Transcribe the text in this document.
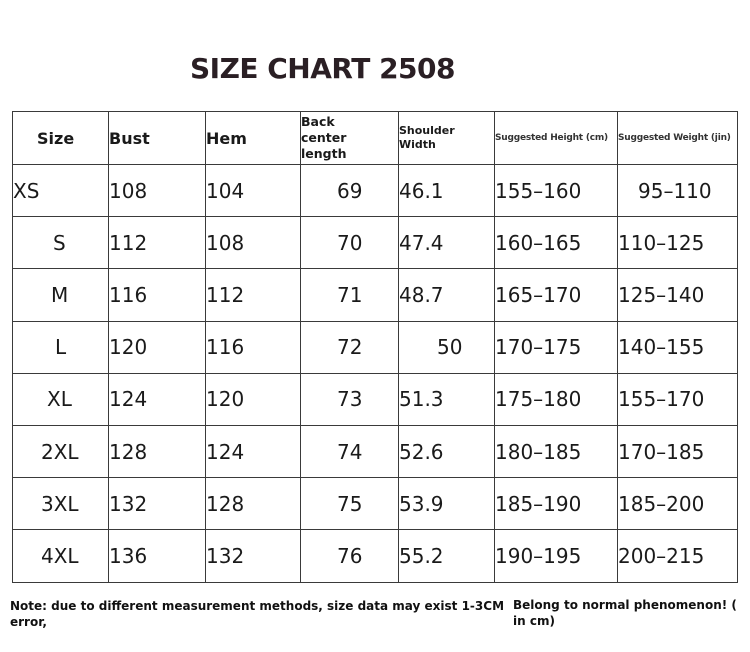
SIZE CHART 2508
Size	Bust	Hem	Back center length	Shoulder Width	Suggested Height (cm)	Suggested Weight (jin)
XS	108	104	69	46.1	155–160	95–110
S	112	108	70	47.4	160–165	110–125
M	116	112	71	48.7	165–170	125–140
L	120	116	72	50	170–175	140–155
XL	124	120	73	51.3	175–180	155–170
2XL	128	124	74	52.6	180–185	170–185
3XL	132	128	75	53.9	185–190	185–200
4XL	136	132	76	55.2	190–195	200–215
Note: due to different measurement methods, size data may exist 1-3CM error,
Belong to normal phenomenon! ( in cm)
